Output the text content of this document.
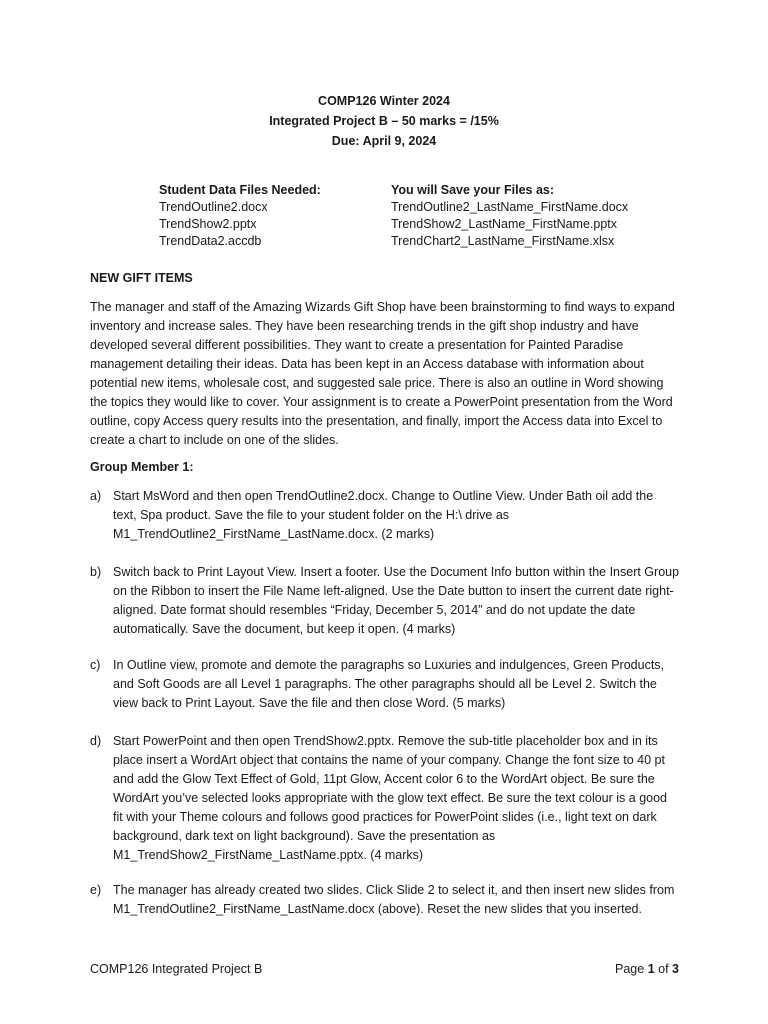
COMP126 Winter 2024
Integrated Project B – 50 marks = /15%
Due: April 9, 2024
Student Data Files Needed:
TrendOutline2.docx
TrendShow2.pptx
TrendData2.accdb
You will Save your Files as:
TrendOutline2_LastName_FirstName.docx
TrendShow2_LastName_FirstName.pptx
TrendChart2_LastName_FirstName.xlsx
NEW GIFT ITEMS

The manager and staff of the Amazing Wizards Gift Shop have been brainstorming to find ways to expand inventory and increase sales. They have been researching trends in the gift shop industry and have developed several different possibilities. They want to create a presentation for Painted Paradise management detailing their ideas. Data has been kept in an Access database with information about potential new items, wholesale cost, and suggested sale price. There is also an outline in Word showing the topics they would like to cover. Your assignment is to create a PowerPoint presentation from the Word outline, copy Access query results into the presentation, and finally, import the Access data into Excel to create a chart to include on one of the slides.

Group Member 1:
a) Start MsWord and then open TrendOutline2.docx. Change to Outline View. Under Bath oil add the text, Spa product. Save the file to your student folder on the H:\ drive as M1_TrendOutline2_FirstName_LastName.docx. (2 marks)
b) Switch back to Print Layout View. Insert a footer. Use the Document Info button within the Insert Group on the Ribbon to insert the File Name left-aligned. Use the Date button to insert the current date right-aligned. Date format should resembles “Friday, December 5, 2014” and do not update the date automatically. Save the document, but keep it open. (4 marks)
c)	In Outline view, promote and demote the paragraphs so Luxuries and indulgences, Green Products, and Soft Goods are all Level 1 paragraphs. The other paragraphs should all be Level 2. Switch the view back to Print Layout. Save the file and then close Word. (5 marks)
d) Start PowerPoint and then open TrendShow2.pptx. Remove the sub-title placeholder box and in its place insert a WordArt object that contains the name of your company. Change the font size to 40 pt and add the Glow Text Effect of Gold, 11pt Glow, Accent color 6 to the WordArt object. Be sure the WordArt you’ve selected looks appropriate with the glow text effect. Be sure the text colour is a good fit with your Theme colours and follows good practices for PowerPoint slides (i.e., light text on dark background, dark text on light background). Save the presentation as M1_TrendShow2_FirstName_LastName.pptx. (4 marks)
e) The manager has already created two slides. Click Slide 2 to select it, and then insert new slides from M1_TrendOutline2_FirstName_LastName.docx (above). Reset the new slides that you inserted.
COMP126 Integrated Project B	Page 1 of 3
